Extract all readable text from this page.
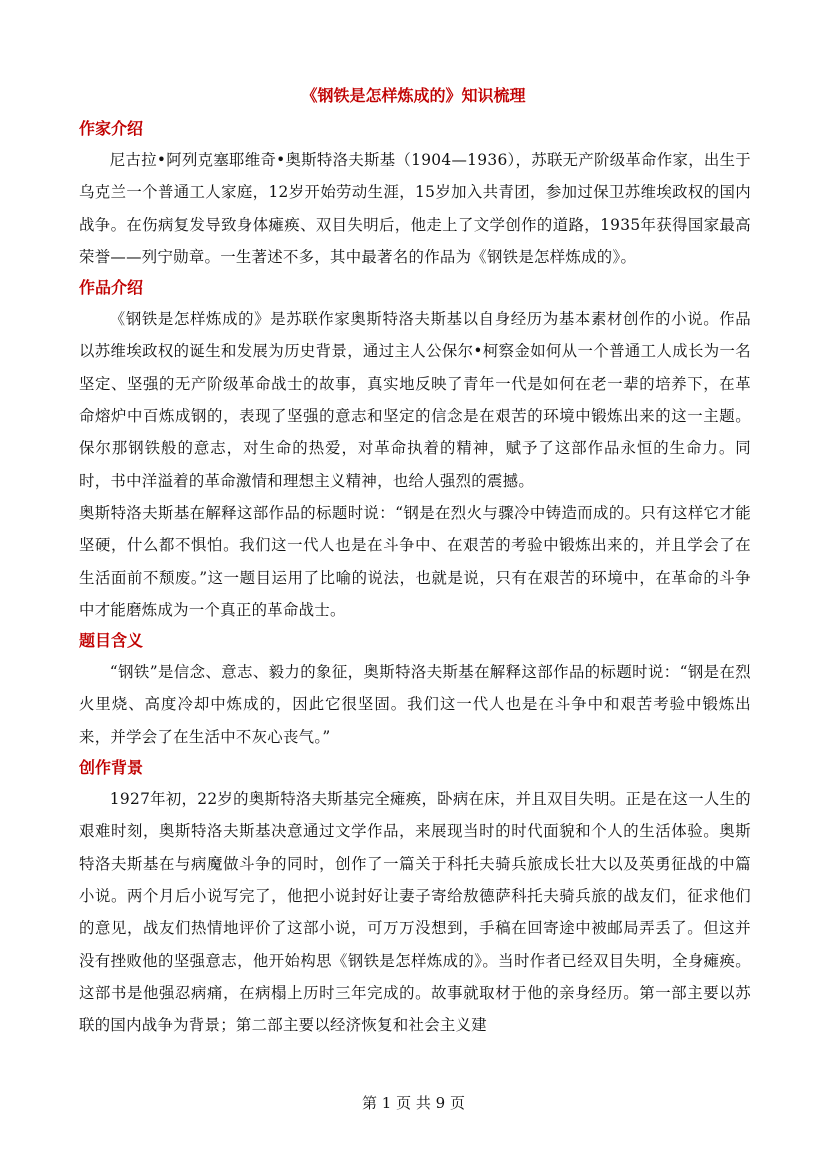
《钢铁是怎样炼成的》知识梳理
作家介绍

尼古拉•阿列克塞耶维奇•奥斯特洛夫斯基（1904—1936），苏联无产阶级革命作家，出生于乌克兰一个普通工人家庭，12岁开始劳动生涯，15岁加入共青团，参加过保卫苏维埃政权的国内战争。在伤病复发导致身体瘫痪、双目失明后，他走上了文学创作的道路，1935年获得国家最高荣誉——列宁勋章。一生著述不多，其中最著名的作品为《钢铁是怎样炼成的》。

作品介绍

《钢铁是怎样炼成的》是苏联作家奥斯特洛夫斯基以自身经历为基本素材创作的小说。作品以苏维埃政权的诞生和发展为历史背景，通过主人公保尔•柯察金如何从一个普通工人成长为一名坚定、坚强的无产阶级革命战士的故事，真实地反映了青年一代是如何在老一辈的培养下，在革命熔炉中百炼成钢的，表现了坚强的意志和坚定的信念是在艰苦的环境中锻炼出来的这一主题。保尔那钢铁般的意志，对生命的热爱，对革命执着的精神，赋予了这部作品永恒的生命力。同时，书中洋溢着的革命激情和理想主义精神，也给人强烈的震撼。

奥斯特洛夫斯基在解释这部作品的标题时说：“钢是在烈火与骤冷中铸造而成的。只有这样它才能坚硬，什么都不惧怕。我们这一代人也是在斗争中、在艰苦的考验中锻炼出来的，并且学会了在生活面前不颓废。”这一题目运用了比喻的说法，也就是说，只有在艰苦的环境中，在革命的斗争中才能磨炼成为一个真正的革命战士。

题目含义

“钢铁”是信念、意志、毅力的象征，奥斯特洛夫斯基在解释这部作品的标题时说：“钢是在烈火里烧、高度冷却中炼成的，因此它很坚固。我们这一代人也是在斗争中和艰苦考验中锻炼出来，并学会了在生活中不灰心丧气。”

创作背景

1927年初，22岁的奥斯特洛夫斯基完全瘫痪，卧病在床，并且双目失明。正是在这一人生的艰难时刻，奥斯特洛夫斯基决意通过文学作品，来展现当时的时代面貌和个人的生活体验。奥斯特洛夫斯基在与病魔做斗争的同时，创作了一篇关于科托夫骑兵旅成长壮大以及英勇征战的中篇小说。两个月后小说写完了，他把小说封好让妻子寄给敖德萨科托夫骑兵旅的战友们，征求他们的意见，战友们热情地评价了这部小说，可万万没想到，手稿在回寄途中被邮局弄丢了。但这并没有挫败他的坚强意志，他开始构思《钢铁是怎样炼成的》。当时作者已经双目失明，全身瘫痪。这部书是他强忍病痛，在病榻上历时三年完成的。故事就取材于他的亲身经历。第一部主要以苏联的国内战争为背景；第二部主要以经济恢复和社会主义建

第 1 页 共 9 页
